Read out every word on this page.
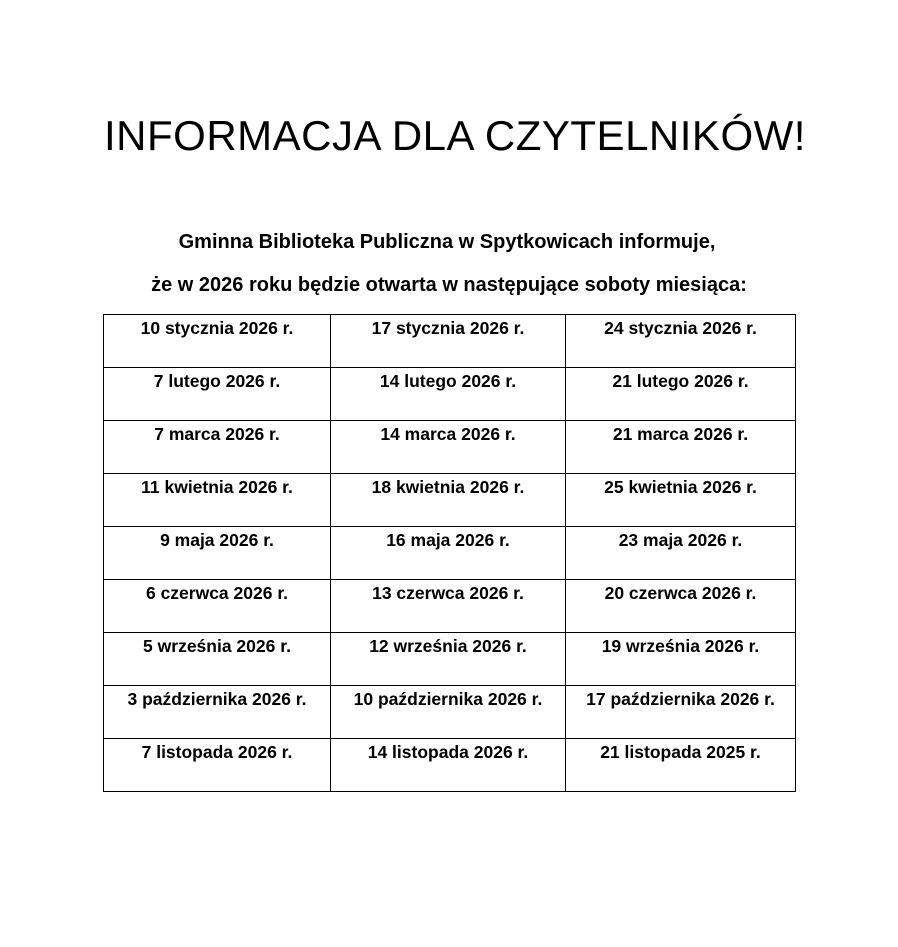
INFORMACJA DLA CZYTELNIKÓW!
Gminna Biblioteka Publiczna w Spytkowicach informuje,
że w 2026 roku będzie otwarta w następujące soboty miesiąca:
10 stycznia 2026 r.	17 stycznia 2026 r.	24 stycznia 2026 r.

7 lutego 2026 r.	14 lutego 2026 r.	21 lutego 2026 r.

7 marca 2026 r.	14 marca 2026 r.	21 marca 2026 r.

11 kwietnia 2026 r.	18 kwietnia 2026 r.	25 kwietnia 2026 r.

9 maja 2026 r.	16 maja 2026 r.	23 maja 2026 r.

6 czerwca 2026 r.	13 czerwca 2026 r.	20 czerwca 2026 r.

5 września 2026 r.	12 września 2026 r.	19 września 2026 r.

3 października 2026 r.	10 października 2026 r.	17 października 2026 r.

7 listopada 2026 r.	14 listopada 2026 r.	21 listopada 2025 r.
